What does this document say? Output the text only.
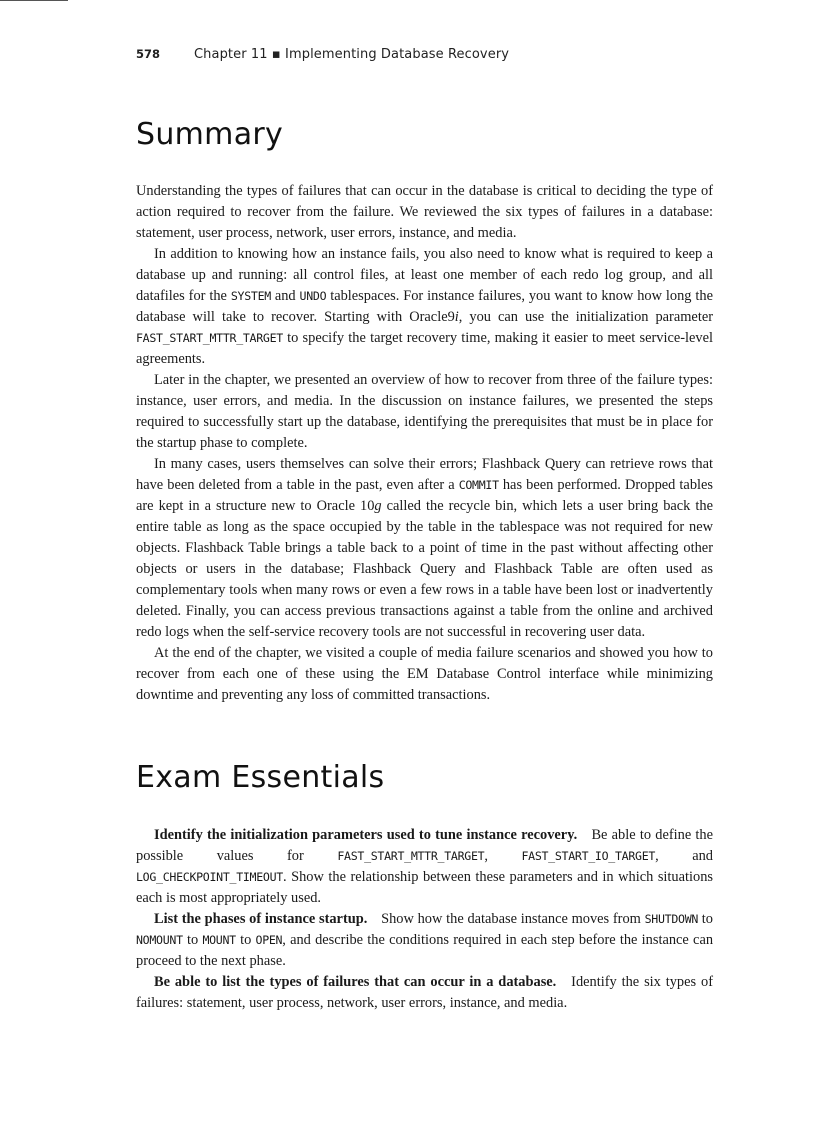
578	Chapter 11 ▪ Implementing Database Recovery
Summary

Understanding the types of failures that can occur in the database is critical to deciding the type of action required to recover from the failure. We reviewed the six types of failures in a database: statement, user process, network, user errors, instance, and media.

In addition to knowing how an instance fails, you also need to know what is required to keep a database up and running: all control files, at least one member of each redo log group, and all datafiles for the SYSTEM and UNDO tablespaces. For instance failures, you want to know how long the database will take to recover. Starting with Oracle9i, you can use the initialization parameter FAST_START_MTTR_TARGET to specify the target recovery time, making it easier to meet service-level agreements.

Later in the chapter, we presented an overview of how to recover from three of the failure types: instance, user errors, and media. In the discussion on instance failures, we presented the steps required to successfully start up the database, identifying the prerequisites that must be in place for the startup phase to complete.

In many cases, users themselves can solve their errors; Flashback Query can retrieve rows that have been deleted from a table in the past, even after a COMMIT has been performed. Dropped tables are kept in a structure new to Oracle 10g called the recycle bin, which lets a user bring back the entire table as long as the space occupied by the table in the tablespace was not required for new objects. Flashback Table brings a table back to a point of time in the past without affecting other objects or users in the database; Flashback Query and Flashback Table are often used as complementary tools when many rows or even a few rows in a table have been lost or inadvertently deleted. Finally, you can access previous transactions against a table from the online and archived redo logs when the self-service recovery tools are not successful in recovering user data.

At the end of the chapter, we visited a couple of media failure scenarios and showed you how to recover from each one of these using the EM Database Control interface while minimizing downtime and preventing any loss of committed transactions.

Exam Essentials

Identify the initialization parameters used to tune instance recovery. Be able to define the possible values for FAST_START_MTTR_TARGET, FAST_START_IO_TARGET, and LOG_CHECKPOINT_TIMEOUT. Show the relationship between these parameters and in which situations each is most appropriately used.

List the phases of instance startup. Show how the database instance moves from SHUTDOWN to NOMOUNT to MOUNT to OPEN, and describe the conditions required in each step before the instance can proceed to the next phase.

Be able to list the types of failures that can occur in a database. Identify the six types of failures: statement, user process, network, user errors, instance, and media.
